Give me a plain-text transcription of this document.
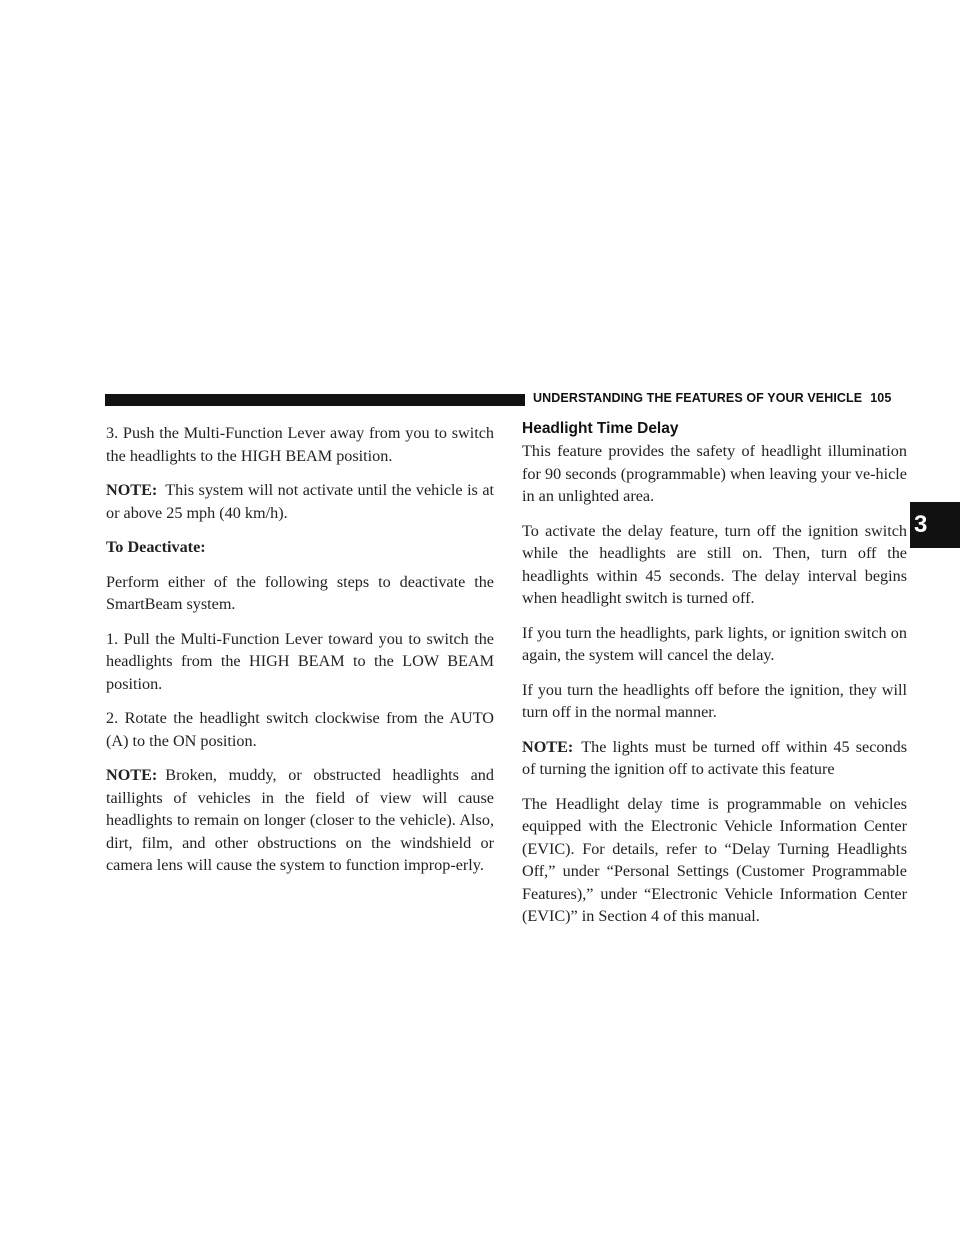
UNDERSTANDING THE FEATURES OF YOUR VEHICLE 105
3

3. Push the Multi-Function Lever away from you to switch the headlights to the HIGH BEAM position.

NOTE: This system will not activate until the vehicle is at or above 25 mph (40 km/h).

To Deactivate:

Perform either of the following steps to deactivate the SmartBeam system.

1. Pull the Multi-Function Lever toward you to switch the headlights from the HIGH BEAM to the LOW BEAM position.

2. Rotate the headlight switch clockwise from the AUTO (A) to the ON position.

NOTE: Broken, muddy, or obstructed headlights and taillights of vehicles in the field of view will cause headlights to remain on longer (closer to the vehicle). Also, dirt, film, and other obstructions on the windshield or camera lens will cause the system to function improp-erly.

Headlight Time Delay

This feature provides the safety of headlight illumination for 90 seconds (programmable) when leaving your ve-hicle in an unlighted area.

To activate the delay feature, turn off the ignition switch while the headlights are still on. Then, turn off the headlights within 45 seconds. The delay interval begins when headlight switch is turned off.

If you turn the headlights, park lights, or ignition switch on again, the system will cancel the delay.

If you turn the headlights off before the ignition, they will turn off in the normal manner.

NOTE: The lights must be turned off within 45 seconds of turning the ignition off to activate this feature

The Headlight delay time is programmable on vehicles equipped with the Electronic Vehicle Information Center (EVIC). For details, refer to “Delay Turning Headlights Off,” under “Personal Settings (Customer Programmable Features),” under “Electronic Vehicle Information Center (EVIC)” in Section 4 of this manual.
